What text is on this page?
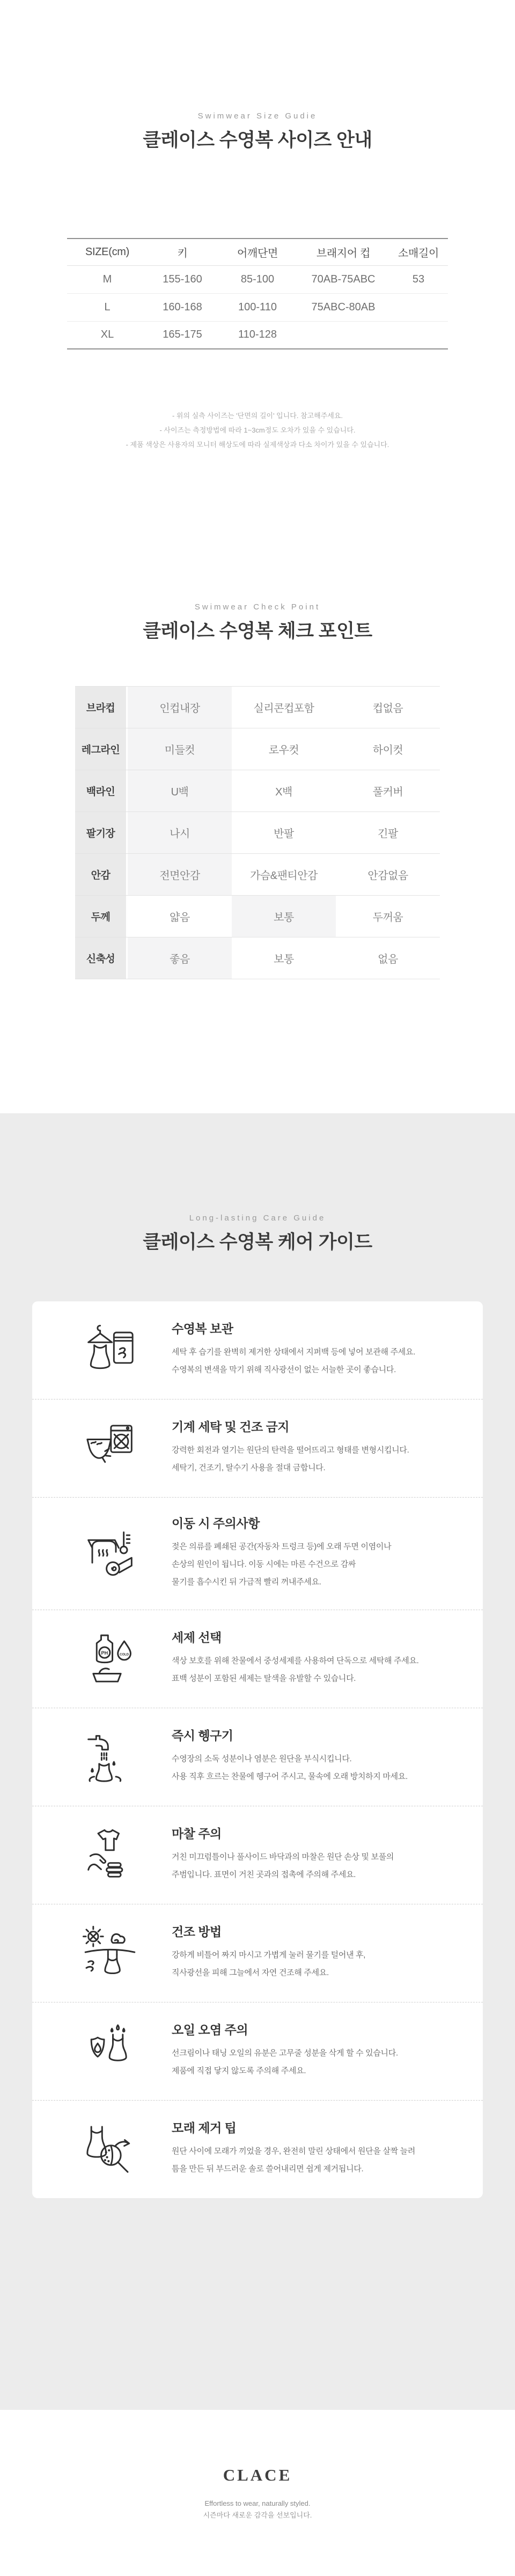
Swimwear Size Gudie
클레이스 수영복 사이즈 안내
SIZE(cm)	키	어깨단면	브래지어 컵	소매길이
M	155-160	85-100	70AB-75ABC	53
L	160-168	100-110	75ABC-80AB	
XL	165-175	110-128		

- 위의 실측 사이즈는 '단면의 길이' 입니다. 참고해주세요.

- 사이즈는 측정방법에 따라 1~3cm정도 오차가 있을 수 있습니다.

- 제품 색상은 사용자의 모니터 해상도에 따라 실제색상과 다소 차이가 있을 수 있습니다.

Swimwear Check Point
클레이스 수영복 체크 포인트
브라컵	인컵내장	실리콘컵포함	컵없음
레그라인	미들컷	로우컷	하이컷
백라인	U백	X백	풀커버
팔기장	나시	반팔	긴팔
안감	전면안감	가슴&팬티안감	안감없음
두께	얇음	보통	두꺼움
신축성	좋음	보통	없음
Long-lasting Care Guide
클레이스 수영복 케어 가이드
수영복 보관

세탁 후 습기를 완벽히 제거한 상태에서 지퍼백 등에 넣어 보관해 주세요.

수영복의 변색을 막기 위해 직사광선이 없는 서늘한 곳이 좋습니다.

기계 세탁 및 건조 금지

강력한 회전과 열기는 원단의 탄력을 떨어뜨리고 형태를 변형시킵니다.

세탁기, 건조기, 탈수기 사용을 절대 금합니다.

이동 시 주의사항

젖은 의류를 폐쇄된 공간(자동차 트렁크 등)에 오래 두면 이염이나

손상의 원인이 됩니다. 이동 시에는 마른 수건으로 감싸

물기를 흡수시킨 뒤 가급적 빨리 꺼내주세요.

PH	COLD
세제 선택

색상 보호를 위해 찬물에서 중성세제를 사용하여 단독으로 세탁해 주세요.

표백 성분이 포함된 세제는 탈색을 유발할 수 있습니다.

즉시 헹구기

수영장의 소독 성분이나 염분은 원단을 부식시킵니다.

사용 직후 흐르는 찬물에 헹구어 주시고, 물속에 오래 방치하지 마세요.

마찰 주의

거친 미끄럼틀이나 풀사이드 바닥과의 마찰은 원단 손상 및 보풀의

주범입니다. 표면이 거친 곳과의 접촉에 주의해 주세요.

건조 방법

강하게 비틀어 짜지 마시고 가볍게 눌러 물기를 털어낸 후,

직사광선을 피해 그늘에서 자연 건조해 주세요.

오일 오염 주의

선크림이나 태닝 오일의 유분은 고무줄 성분을 삭게 할 수 있습니다.

제품에 직접 닿지 않도록 주의해 주세요.

모래 제거 팁

원단 사이에 모래가 끼었을 경우, 완전히 말린 상태에서 원단을 살짝 늘려

틈을 만든 뒤 부드러운 솔로 쓸어내리면 쉽게 제거됩니다.

CLACE

Effortless to wear, naturally styled.

시즌마다 새로운 감각을 선보입니다.
